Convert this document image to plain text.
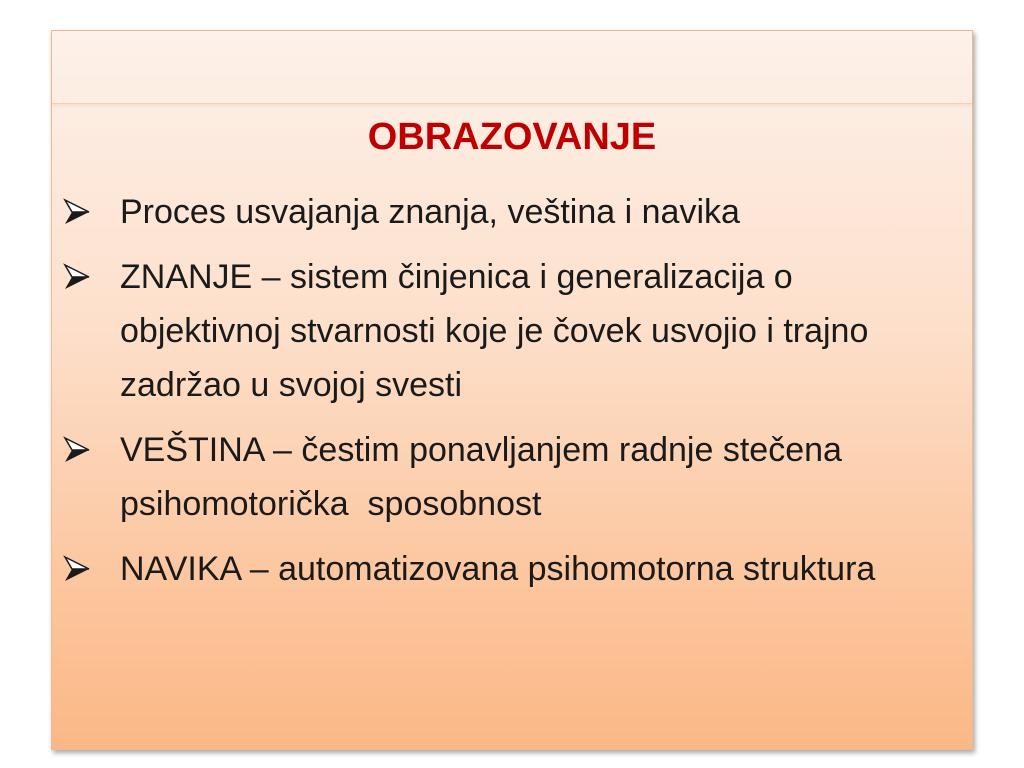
OBRAZOVANJE
Proces usvajanja znanja, veština i navika
ZNANJE – sistem činjenica i generalizacija o objektivnoj stvarnosti koje je čovek usvojio i trajno zadržao u svojoj svesti
VEŠTINA – čestim ponavljanjem radnje stečena  psihomotorička  sposobnost
NAVIKA – automatizovana psihomotorna struktura
